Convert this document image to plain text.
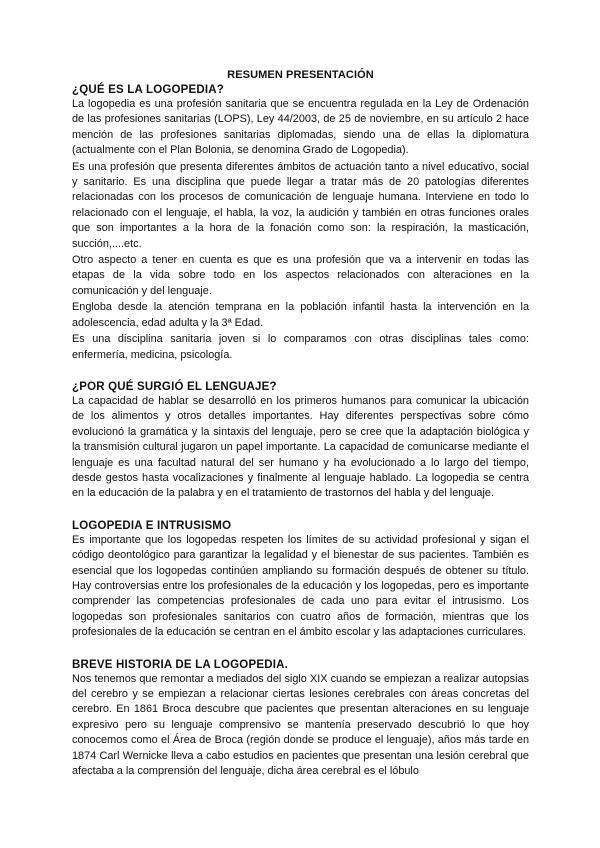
RESUMEN PRESENTACIÓN

¿QUÉ ES LA LOGOPEDIA?

La logopedia es una profesión sanitaria que se encuentra regulada en la Ley de Ordenación de las profesiones sanitarias (LOPS), Ley 44/2003, de 25 de noviembre, en su artículo 2 hace mención de las profesiones sanitarias diplomadas, siendo una de ellas la diplomatura (actualmente con el Plan Bolonia, se denomina Grado de Logopedia).

Es una profesión que presenta diferentes ámbitos de actuación tanto a nivel educativo, social y sanitario. Es una disciplina que puede llegar a tratar más de 20 patologías diferentes relacionadas con los procesos de comunicación de lenguaje humana. Interviene en todo lo relacionado con el lenguaje, el habla, la voz, la audición y también en otras funciones orales que son importantes a la hora de la fonación como son: la respiración, la masticación, succión,....etc.

Otro aspecto a tener en cuenta es que es una profesión que va a intervenir en todas las etapas de la vida sobre todo en los aspectos relacionados con alteraciones en la comunicación y del lenguaje.

Engloba desde la atención temprana en la población infantil hasta la intervención en la adolescencia, edad adulta y la 3ª Edad.

Es una disciplina sanitaria joven si lo comparamos con otras disciplinas tales como: enfermería, medicina, psicología.

¿POR QUÉ SURGIÓ EL LENGUAJE?

La capacidad de hablar se desarrolló en los primeros humanos para comunicar la ubicación de los alimentos y otros detalles importantes. Hay diferentes perspectivas sobre cómo evolucionó la gramática y la sintaxis del lenguaje, pero se cree que la adaptación biológica y la transmisión cultural jugaron un papel importante. La capacidad de comunicarse mediante el lenguaje es una facultad natural del ser humano y ha evolucionado a lo largo del tiempo, desde gestos hasta vocalizaciones y finalmente al lenguaje hablado. La logopedia se centra en la educación de la palabra y en el tratamiento de trastornos del habla y del lenguaje.

LOGOPEDIA E INTRUSISMO

Es importante que los logopedas respeten los límites de su actividad profesional y sigan el código deontológico para garantizar la legalidad y el bienestar de sus pacientes. También es esencial que los logopedas continúen ampliando su formación después de obtener su título. Hay controversias entre los profesionales de la educación y los logopedas, pero es importante comprender las competencias profesionales de cada uno para evitar el intrusismo. Los logopedas son profesionales sanitarios con cuatro años de formación, mientras que los profesionales de la educación se centran en el ámbito escolar y las adaptaciones curriculares.

BREVE HISTORIA DE LA LOGOPEDIA.

Nos tenemos que remontar a mediados del siglo XIX cuando se empiezan a realizar autopsias del cerebro y se empiezan a relacionar ciertas lesiones cerebrales con áreas concretas del cerebro. En 1861 Broca descubre que pacientes que presentan alteraciones en su lenguaje expresivo pero su lenguaje comprensivo se mantenía preservado descubrió lo que hoy conocemos como el Área de Broca (región donde se produce el lenguaje), años más tarde en 1874 Carl Wernicke lleva a cabo estudios en pacientes que presentan una lesión cerebral que afectaba a la comprensión del lenguaje, dicha área cerebral es el lóbulo
